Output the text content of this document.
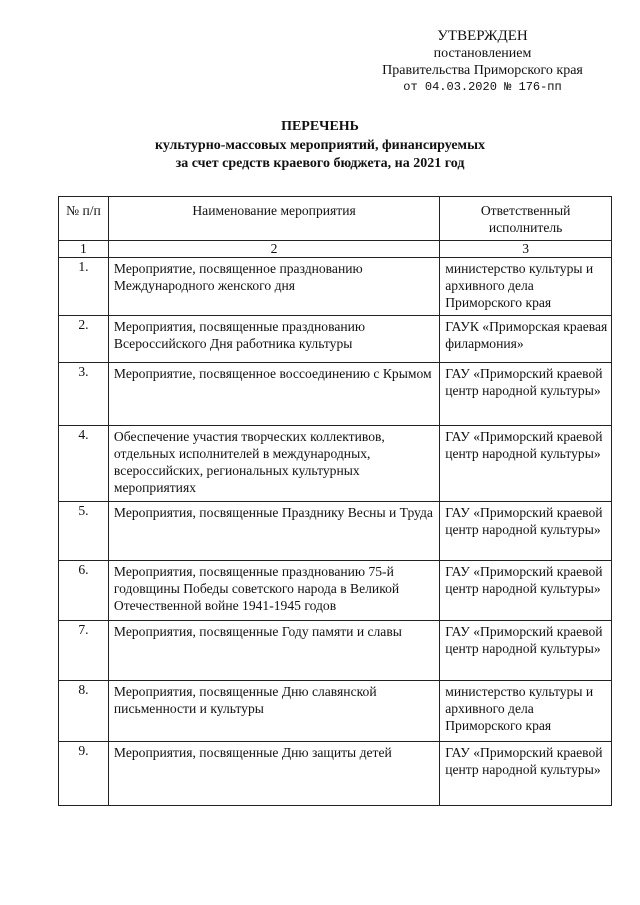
УТВЕРЖДЕН
постановлением
Правительства Приморского края
от 04.03.2020 № 176-пп
ПЕРЕЧЕНЬ
культурно-массовых мероприятий, финансируемых
за счет средств краевого бюджета, на 2021 год
№ п/п	Наименование мероприятия	Ответственный исполнитель
1	2	3
1.	Мероприятие, посвященное празднованию Международного женского дня	министерство культуры и архивного дела Приморского края
2.	Мероприятия, посвященные празднованию Всероссийского Дня работника культуры	ГАУК «Приморская краевая филармония»
3.	Мероприятие, посвященное воссоединению с Крымом	ГАУ «Приморский краевой центр народной культуры»
4.	Обеспечение участия творческих коллективов, отдельных исполнителей в международных, всероссийских, региональных культурных мероприятиях	ГАУ «Приморский краевой центр народной культуры»
5.	Мероприятия, посвященные Празднику Весны и Труда	ГАУ «Приморский краевой центр народной культуры»
6.	Мероприятия, посвященные празднованию 75-й годовщины Победы советского народа в Великой Отечественной войне 1941-1945 годов	ГАУ «Приморский краевой центр народной культуры»
7.	Мероприятия, посвященные Году памяти и славы	ГАУ «Приморский краевой центр народной культуры»
8.	Мероприятия, посвященные Дню славянской письменности и культуры	министерство культуры и архивного дела Приморского края
9.	Мероприятия, посвященные Дню защиты детей	ГАУ «Приморский краевой центр народной культуры»
